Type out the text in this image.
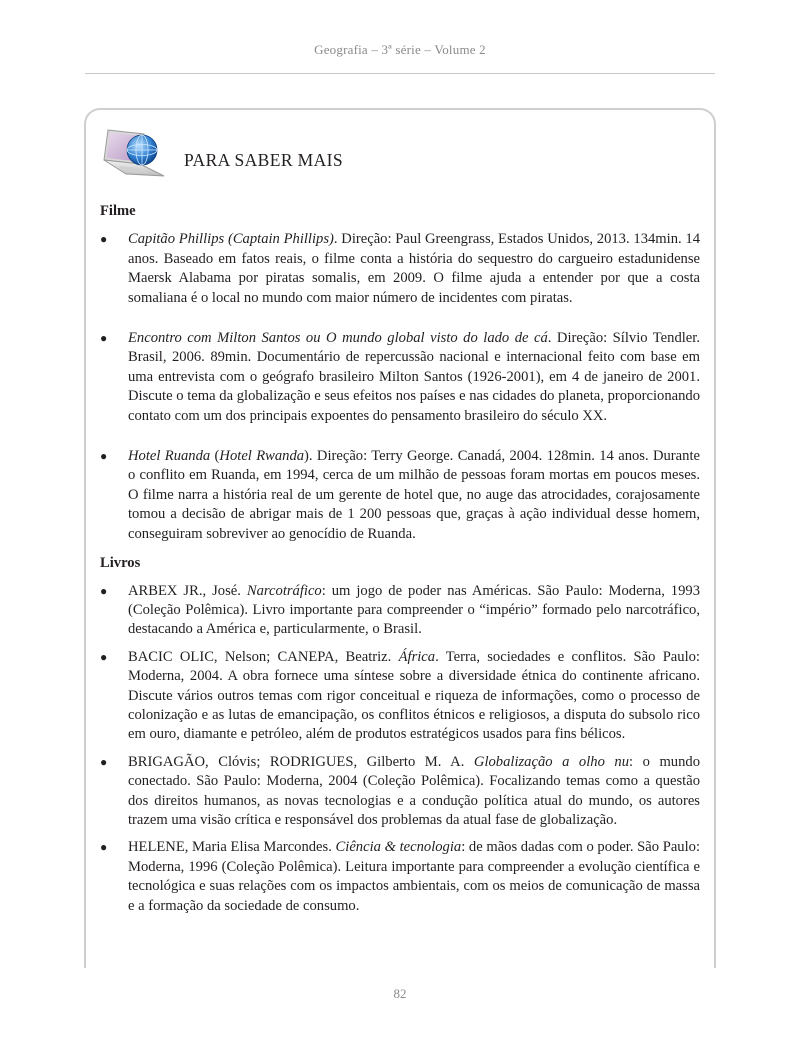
Geografia – 3ª série – Volume 2
PARA SABER MAIS

Filme

● Capitão Phillips (Captain Phillips). Direção: Paul Greengrass, Estados Unidos, 2013. 134min. 14 anos. Baseado em fatos reais, o filme conta a história do sequestro do cargueiro estadunidense Maersk Alabama por piratas somalis, em 2009. O filme ajuda a entender por que a costa somaliana é o local no mundo com maior número de incidentes com piratas.
● Encontro com Milton Santos ou O mundo global visto do lado de cá. Direção: Sílvio Tendler. Brasil, 2006. 89min. Documentário de repercussão nacional e internacional feito com base em uma entrevista com o geógrafo brasileiro Milton Santos (1926-2001), em 4 de janeiro de 2001. Discute o tema da globalização e seus efeitos nos países e nas cidades do planeta, proporcionando contato com um dos principais expoentes do pensamento brasileiro do século XX.
● Hotel Ruanda (Hotel Rwanda). Direção: Terry George. Canadá, 2004. 128min. 14 anos. Durante o conflito em Ruanda, em 1994, cerca de um milhão de pessoas foram mortas em poucos meses. O filme narra a história real de um gerente de hotel que, no auge das atrocidades, corajosamente tomou a decisão de abrigar mais de 1 200 pessoas que, graças à ação individual desse homem, conseguiram sobreviver ao genocídio de Ruanda.

Livros

● ARBEX JR., José. Narcotráfico: um jogo de poder nas Américas. São Paulo: Moderna, 1993 (Coleção Polêmica). Livro importante para compreender o “império” formado pelo narcotráfico, destacando a América e, particularmente, o Brasil.
● BACIC OLIC, Nelson; CANEPA, Beatriz. África. Terra, sociedades e conflitos. São Paulo: Moderna, 2004. A obra fornece uma síntese sobre a diversidade étnica do continente africano. Discute vários outros temas com rigor conceitual e riqueza de informações, como o processo de colonização e as lutas de emancipação, os conflitos étnicos e religiosos, a disputa do subsolo rico em ouro, diamante e petróleo, além de produtos estratégicos usados para fins bélicos.
● BRIGAGÃO, Clóvis; RODRIGUES, Gilberto M. A. Globalização a olho nu: o mundo conectado. São Paulo: Moderna, 2004 (Coleção Polêmica). Focalizando temas como a questão dos direitos humanos, as novas tecnologias e a condução política atual do mundo, os autores trazem uma visão crítica e responsável dos problemas da atual fase de globalização.
● HELENE, Maria Elisa Marcondes. Ciência & tecnologia: de mãos dadas com o poder. São Paulo: Moderna, 1996 (Coleção Polêmica). Leitura importante para compreender a evolução científica e tecnológica e suas relações com os impactos ambientais, com os meios de comunicação de massa e a formação da sociedade de consumo.
82
